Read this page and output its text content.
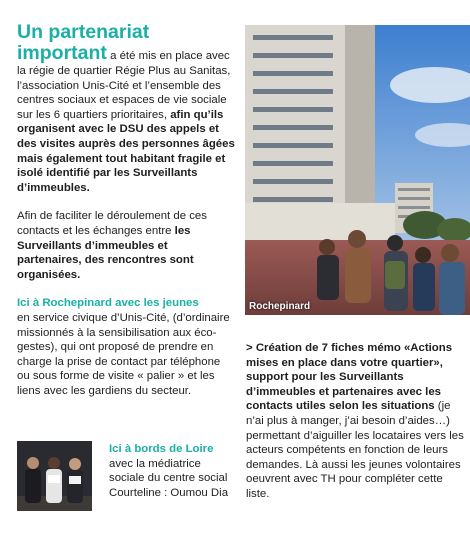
Un partenariat
important a été mis en place avec la régie de quartier Régie Plus au Sanitas, l’association Unis-Cité et l’ensemble des centres sociaux et espaces de vie sociale sur les 6 quartiers prioritaires, afin qu’ils organisent avec le DSU des appels et des visites auprès des personnes âgées mais également tout habitant fragile et isolé identifié par les Surveillants d’immeubles.
Afin de faciliter le déroulement de ces contacts et les échanges entre les Surveillants d’immeubles et partenaires, des rencontres sont organisées.
Ici à Rochepinard avec les jeunes
en service civique d’Unis-Cité, (d’ordinaire missionnés à la sensibilisation aux éco-gestes), qui ont proposé de prendre en charge la prise de contact par téléphone ou sous forme de visite « palier » et les liens avec les gardiens du secteur.
Rochepinard
> Création de 7 fiches mémo «Actions mises en place dans votre quartier», support pour les Surveillants d’immeubles et partenaires avec les contacts utiles selon les situations (je n’ai plus à manger, j’ai besoin d’aides…) permettant d’aiguiller les locataires vers les acteurs compétents en fonction de leurs demandes. Là aussi les jeunes volontaires oeuvrent avec TH pour compléter cette liste.
Ici à bords de Loire
avec la médiatrice sociale du centre social Courteline : Oumou Dia
